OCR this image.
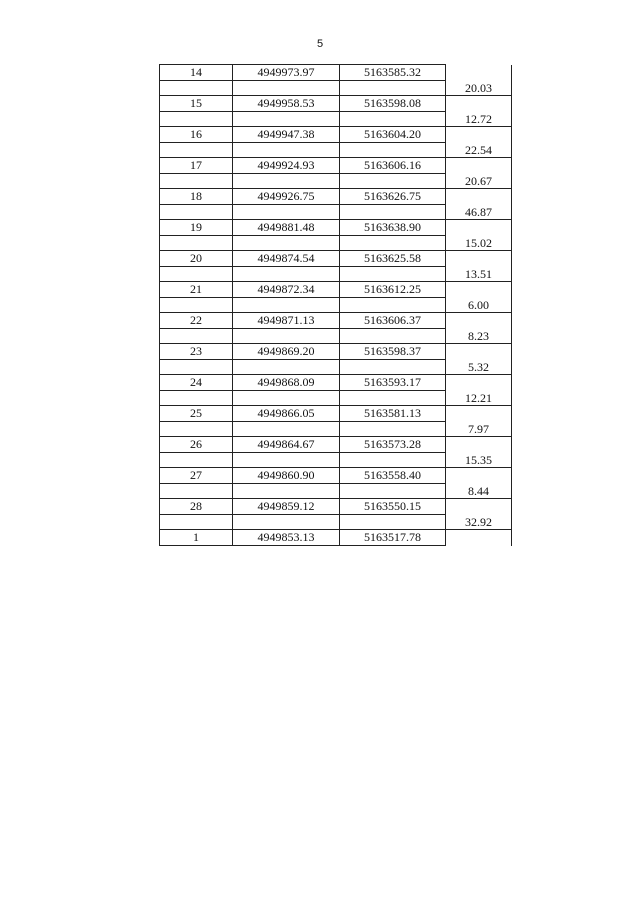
5
14	4949973.97	5163585.32	
			20.03
15	4949958.53	5163598.08	
			12.72
16	4949947.38	5163604.20	
			22.54
17	4949924.93	5163606.16	
			20.67
18	4949926.75	5163626.75	
			46.87
19	4949881.48	5163638.90	
			15.02
20	4949874.54	5163625.58	
			13.51
21	4949872.34	5163612.25	
			6.00
22	4949871.13	5163606.37	
			8.23
23	4949869.20	5163598.37	
			5.32
24	4949868.09	5163593.17	
			12.21
25	4949866.05	5163581.13	
			7.97
26	4949864.67	5163573.28	
			15.35
27	4949860.90	5163558.40	
			8.44
28	4949859.12	5163550.15	
			32.92
1	4949853.13	5163517.78	
